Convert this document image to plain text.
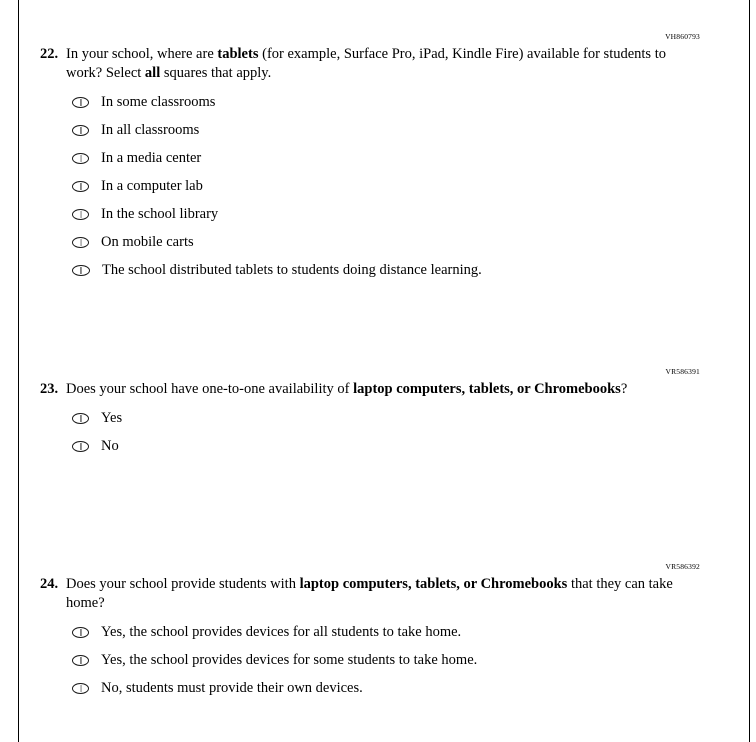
VH860793
22. In your school, where are tablets (for example, Surface Pro, iPad, Kindle Fire) available for students to work? Select all squares that apply.
In some classrooms
In all classrooms
In a media center
In a computer lab
In the school library
On mobile carts
The school distributed tablets to students doing distance learning.
VR586391
23. Does your school have one-to-one availability of laptop computers, tablets, or Chromebooks?
Yes
No
VR586392
24. Does your school provide students with laptop computers, tablets, or Chromebooks that they can take home?
Yes, the school provides devices for all students to take home.
Yes, the school provides devices for some students to take home.
No, students must provide their own devices.
